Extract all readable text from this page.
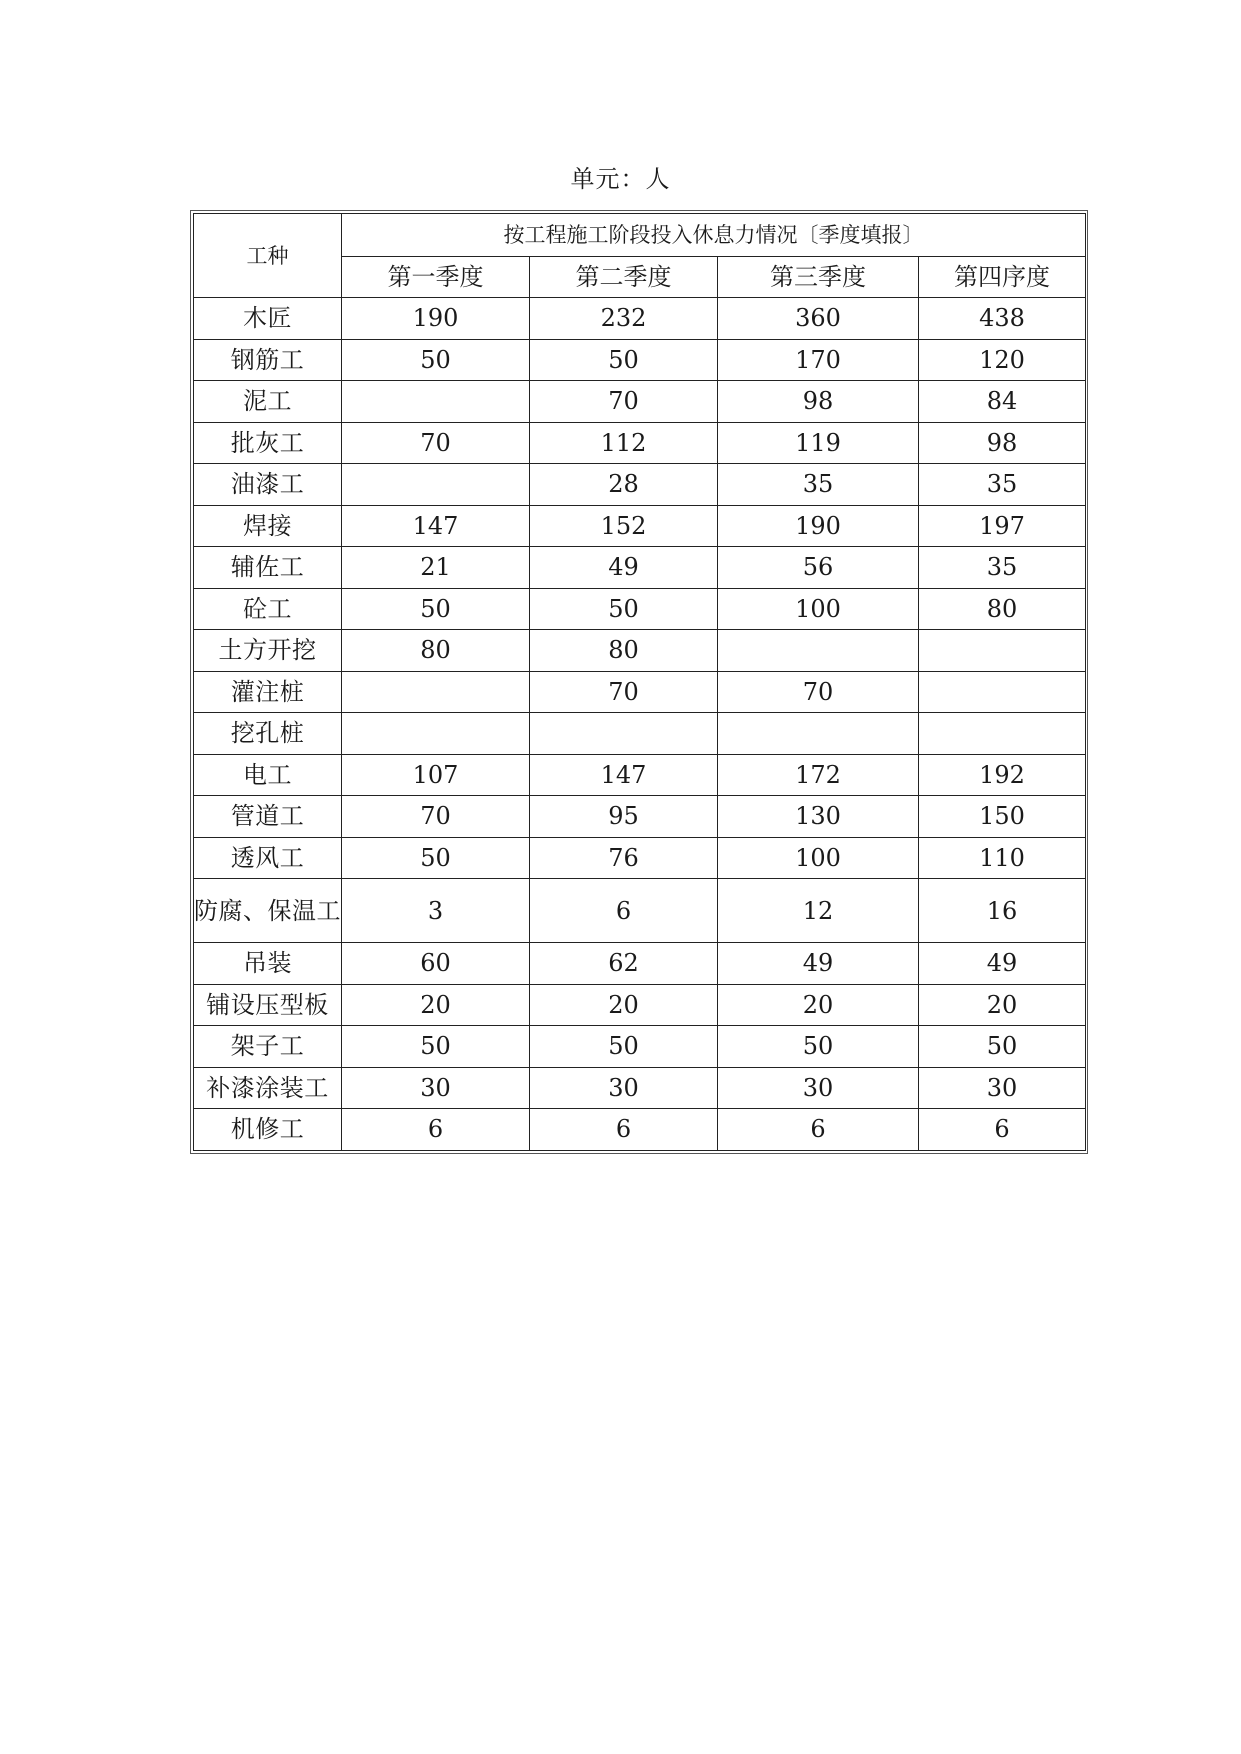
单元：人
工种	按工程施工阶段投入休息力情况〔季度填报〕			
	第一季度	第二季度	第三季度	第四序度
木匠	190	232	360	438
钢筋工	50	50	170	120
泥工		70	98	84
批灰工	70	112	119	98
油漆工		28	35	35
焊接	147	152	190	197
辅佐工	21	49	56	35
砼工	50	50	100	80
土方开挖	80	80		
灌注桩		70	70	
挖孔桩				
电工	107	147	172	192
管道工	70	95	130	150
透风工	50	76	100	110
防腐、保温工	3	6	12	16
吊装	60	62	49	49
铺设压型板	20	20	20	20
架子工	50	50	50	50
补漆涂装工	30	30	30	30
机修工	6	6	6	6
